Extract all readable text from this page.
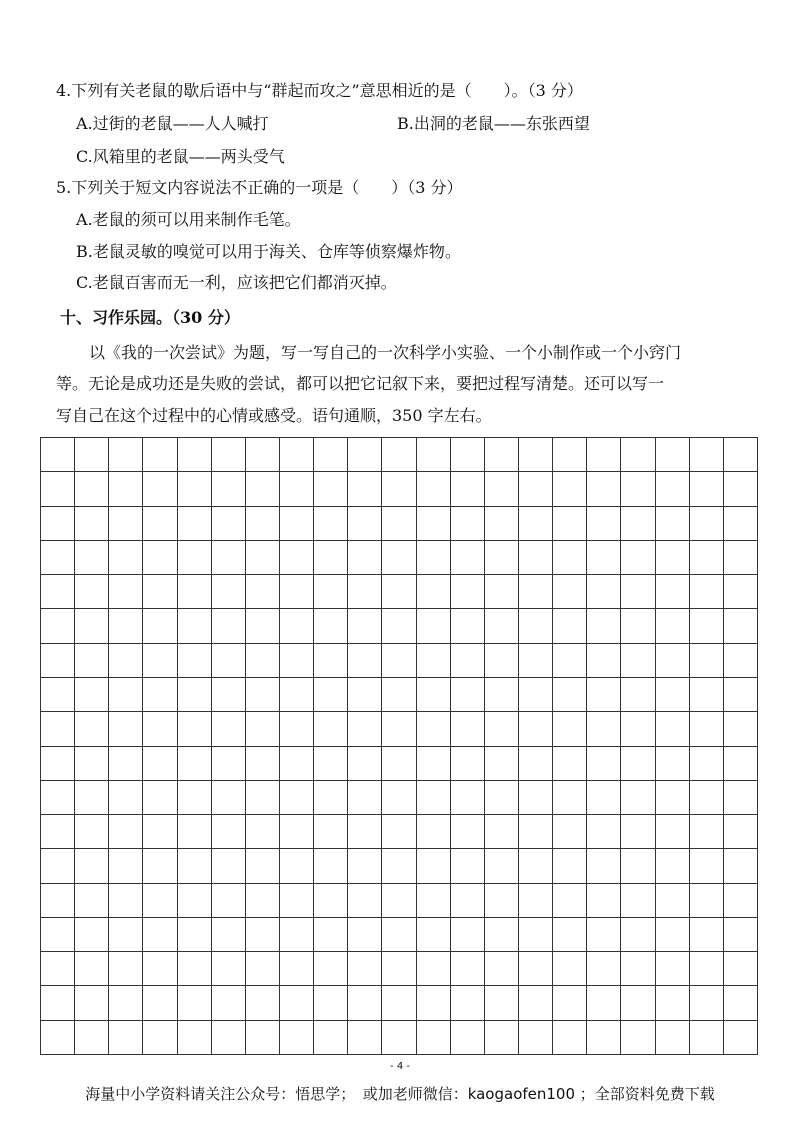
4.下列有关老鼠的歇后语中与“群起而攻之”意思相近的是（　　）。（3 分）
A.过街的老鼠——人人喊打	B.出洞的老鼠——东张西望
C.风箱里的老鼠——两头受气
5.下列关于短文内容说法不正确的一项是（　　）（3 分）
A.老鼠的须可以用来制作毛笔。
B.老鼠灵敏的嗅觉可以用于海关、仓库等侦察爆炸物。
C.老鼠百害而无一利，应该把它们都消灭掉。
十、习作乐园。（30 分）
以《我的一次尝试》为题，写一写自己的一次科学小实验、一个小制作或一个小窍门
等。无论是成功还是失败的尝试，都可以把它记叙下来，要把过程写清楚。还可以写一
写自己在这个过程中的心情或感受。语句通顺，350 字左右。
- 4 -
海量中小学资料请关注公众号：悟思学；　或加老师微信：kaogaofen100 ；全部资料免费下载
